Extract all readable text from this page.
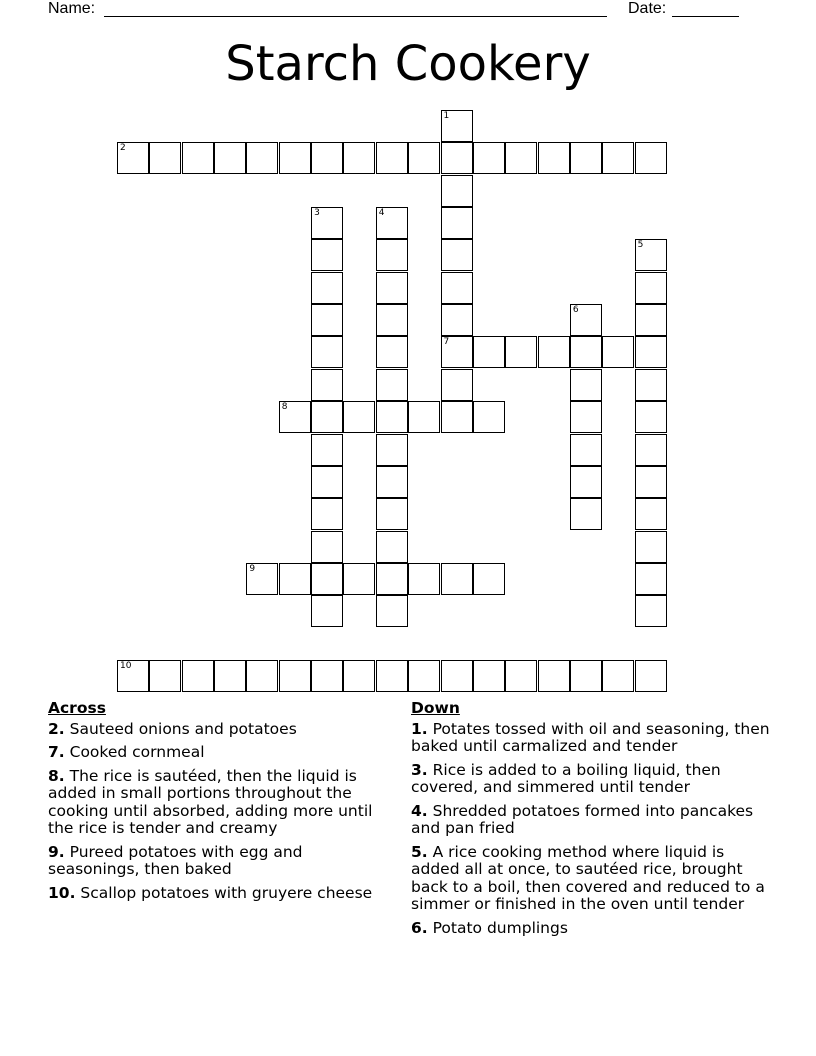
Name:	Date:
Starch Cookery
1
7
2
3	4
5
6
8
9
10
Across
2. Sauteed onions and potatoes
7. Cooked cornmeal
8. The rice is sautéed, then the liquid is added in small portions throughout the cooking until absorbed, adding more until the rice is tender and creamy
9. Pureed potatoes with egg and seasonings, then baked
10. Scallop potatoes with gruyere cheese
Down
1. Potates tossed with oil and seasoning, then baked until carmalized and tender
3. Rice is added to a boiling liquid, then covered, and simmered until tender
4. Shredded potatoes formed into pancakes and pan fried
5. A rice cooking method where liquid is added all at once, to sautéed rice, brought back to a boil, then covered and reduced to a simmer or finished in the oven until tender
6. Potato dumplings
